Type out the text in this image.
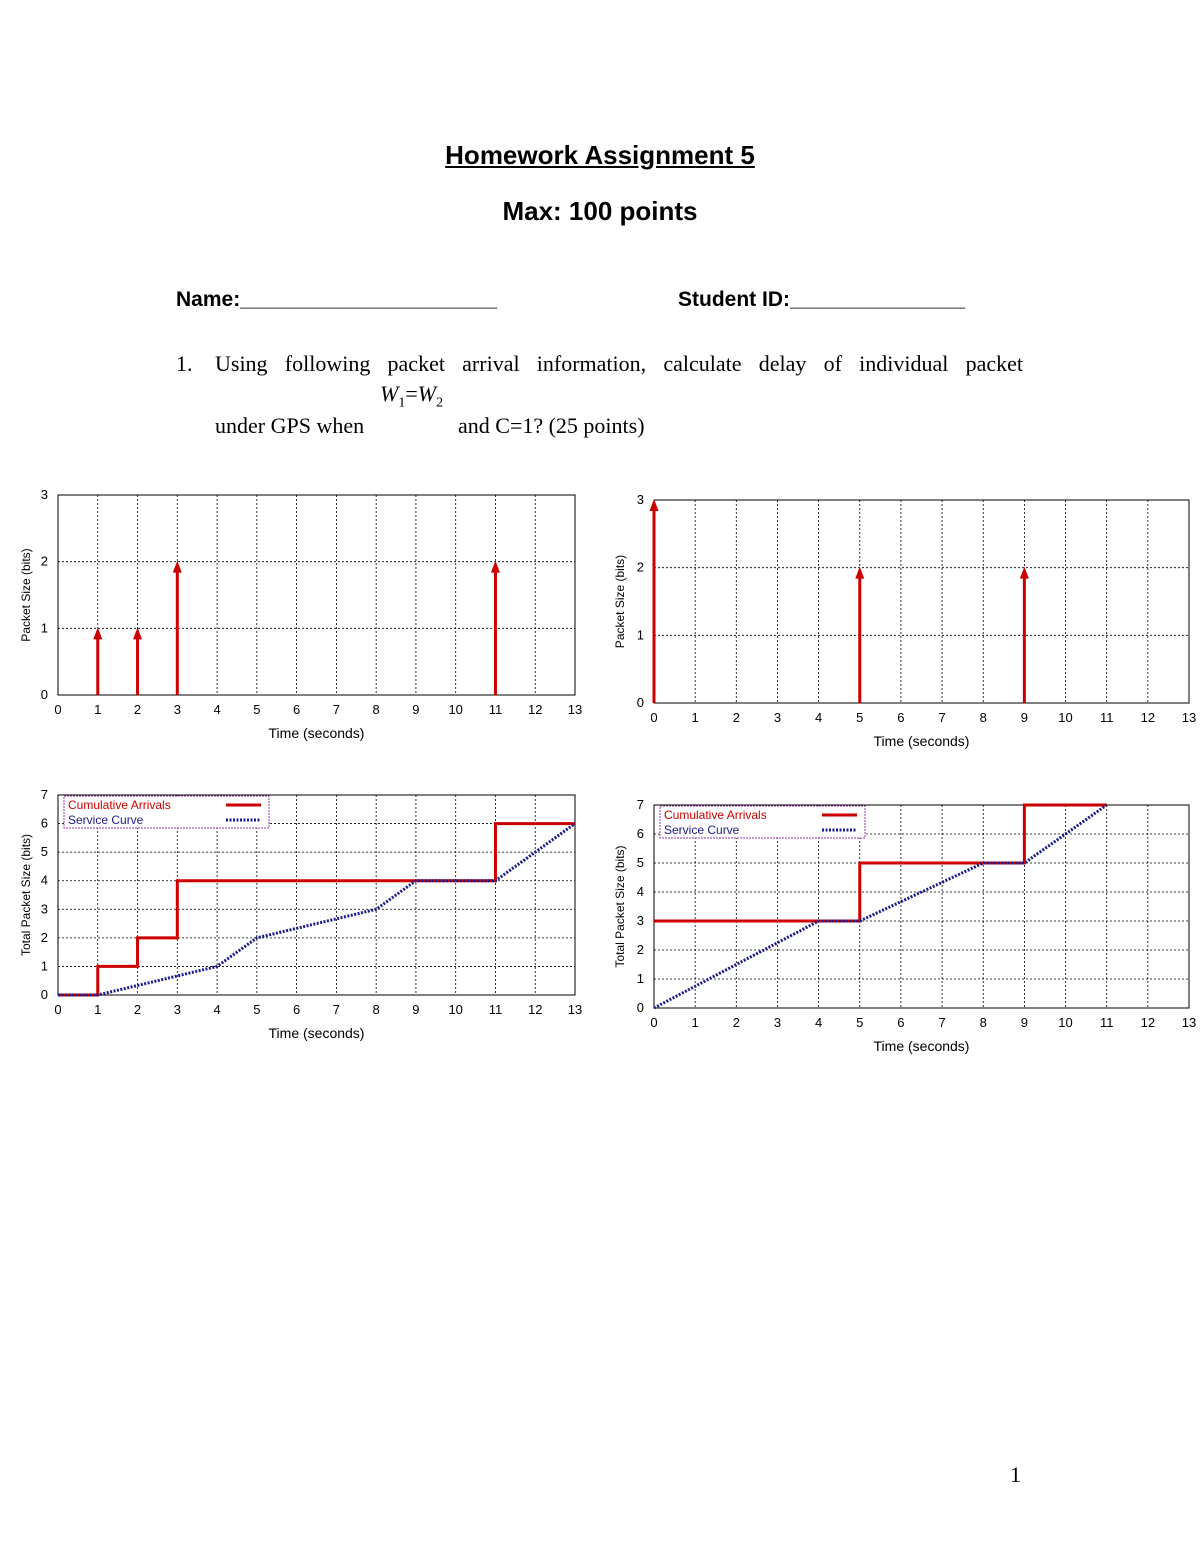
Homework Assignment 5
Max: 100 points
Name:______________________	Student ID:_______________
1. Using following packet arrival information, calculate delay of individual packet
$W_1=W_2$
under GPS when	and C=1? (25 points)
0	1	2	3	4	5	6	7	8	9 10 11 12 13
0
1
2
3
Time (seconds)
Packet Size (bits)
0	1	2	3	4	5	6	7	8	9 10 11 12 13
0
1
2
3
Time (seconds)
Packet Size (bits)
0	1	2	3	4	5	6	7	8	9 10 11 12 13
0
1
2
3
4
5
6
7
Time (seconds)
Total Packet Size (bits)
Cumulative Arrivals
Service Curve
0	1	2	3	4	5	6	7	8	9 10 11 12 13
0
1
2
3
4
5
6
7
Time (seconds)
Total Packet Size (bits)
Cumulative Arrivals
Service Curve
1
